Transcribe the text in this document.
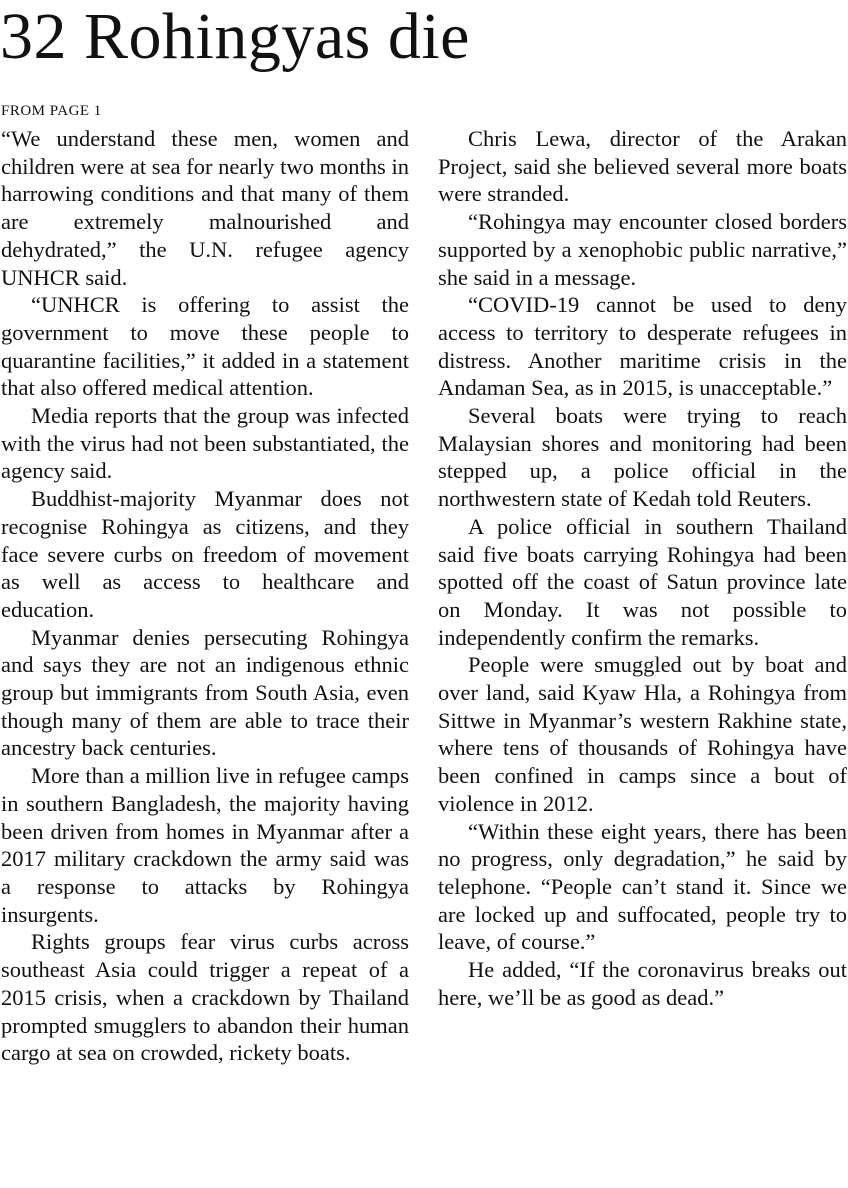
32 Rohingyas die
FROM PAGE 1

“We understand these men, women and children were at sea for nearly two months in harrowing conditions and that many of them are extremely malnourished and dehydrated,” the U.N. refugee agency UNHCR said.

“UNHCR is offering to assist the government to move these people to quarantine facilities,” it added in a statement that also offered medical attention.

Media reports that the group was infected with the virus had not been substantiated, the agency said.

Buddhist-majority Myanmar does not recognise Rohingya as citizens, and they face severe curbs on freedom of movement as well as access to healthcare and education.

Myanmar denies persecuting Rohingya and says they are not an indigenous ethnic group but immigrants from South Asia, even though many of them are able to trace their ancestry back centuries.

More than a million live in refugee camps in southern Bangladesh, the majority having been driven from homes in Myanmar after a 2017 military crackdown the army said was a response to attacks by Rohingya insurgents.

Rights groups fear virus curbs across southeast Asia could trigger a repeat of a 2015 crisis, when a crackdown by Thailand prompted smugglers to abandon their human cargo at sea on crowded, rickety boats.

Chris Lewa, director of the Arakan Project, said she believed several more boats were stranded.

“Rohingya may encounter closed borders supported by a xenophobic public narrative,” she said in a message.

“COVID-19 cannot be used to deny access to territory to desperate refugees in distress. Another maritime crisis in the Andaman Sea, as in 2015, is unacceptable.”

Several boats were trying to reach Malaysian shores and monitoring had been stepped up, a police official in the northwestern state of Kedah told Reuters.

A police official in southern Thailand said five boats carrying Rohingya had been spotted off the coast of Satun province late on Monday. It was not possible to independently confirm the remarks.

People were smuggled out by boat and over land, said Kyaw Hla, a Rohingya from Sittwe in Myanmar’s western Rakhine state, where tens of thousands of Rohingya have been confined in camps since a bout of violence in 2012.

“Within these eight years, there has been no progress, only degradation,” he said by telephone. “People can’t stand it. Since we are locked up and suffocated, people try to leave, of course.”

He added, “If the coronavirus breaks out here, we’ll be as good as dead.”
